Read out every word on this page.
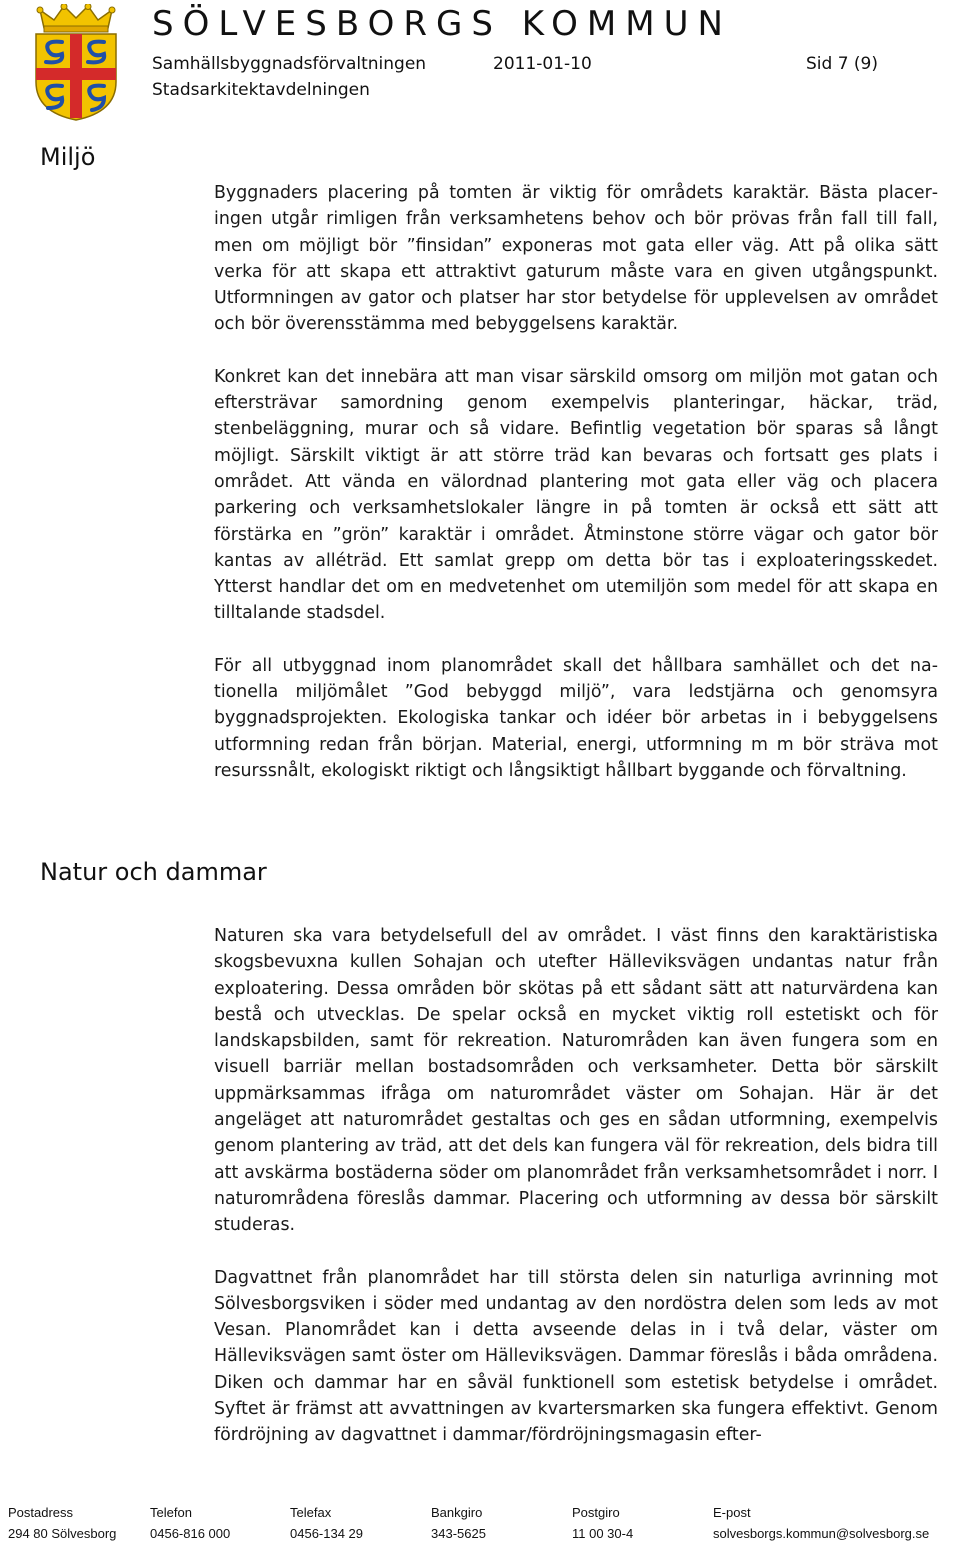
SÖLVESBORGS KOMMUN
Samhällsbyggnadsförvaltningen	2011-01-10	Sid 7 (9)
Stadsarkitektavdelningen
Miljö

Byggnaders placering på tomten är viktig för områdets karaktär. Bästa placeringen utgår rimligen från verksamhetens behov och bör prövas från fall till fall, men om möjligt bör ”finsidan” exponeras mot gata eller väg. Att på olika sätt verka för att skapa ett attraktivt gaturum måste vara en given utgångspunkt. Utformningen av gator och platser har stor betydelse för upplevelsen av området och bör överensstämma med bebyggelsens karaktär.

Konkret kan det innebära att man visar särskild omsorg om miljön mot gatan och eftersträvar samordning genom exempelvis planteringar, häckar, träd, stenbeläggning, murar och så vidare. Befintlig vegetation bör sparas så långt möjligt. Särskilt viktigt är att större träd kan bevaras och fortsatt ges plats i området. Att vända en välordnad plantering mot gata eller väg och placera parkering och verksamhetslokaler längre in på tomten är också ett sätt att förstärka en ”grön” karaktär i området. Åtminstone större vägar och gator bör kantas av alléträd. Ett samlat grepp om detta bör tas i exploateringsskedet. Ytterst handlar det om en medvetenhet om utemiljön som medel för att skapa en tilltalande stadsdel.

För all utbyggnad inom planområdet skall det hållbara samhället och det nationella miljömålet ”God bebyggd miljö”, vara ledstjärna och genomsyra byggnadsprojekten. Ekologiska tankar och idéer bör arbetas in i bebyggelsens utformning redan från början. Material, energi, utformning m m bör sträva mot resurssnålt, ekologiskt riktigt och långsiktigt hållbart byggande och förvaltning.

Natur och dammar

Naturen ska vara betydelsefull del av området. I väst finns den karaktäristiska skogsbevuxna kullen Sohajan och utefter Hälleviksvägen undantas natur från exploatering. Dessa områden bör skötas på ett sådant sätt att naturvärdena kan bestå och utvecklas. De spelar också en mycket viktig roll estetiskt och för landskapsbilden, samt för rekreation. Naturområden kan även fungera som en visuell barriär mellan bostadsområden och verksamheter. Detta bör särskilt uppmärksammas ifråga om naturområdet väster om Sohajan. Här är det angeläget att naturområdet gestaltas och ges en sådan utformning, exempelvis genom plantering av träd, att det dels kan fungera väl för rekreation, dels bidra till att avskärma bostäderna söder om planområdet från verksamhetsområdet i norr. I naturområdena föreslås dammar. Placering och utformning av dessa bör särskilt studeras.

Dagvattnet från planområdet har till största delen sin naturliga avrinning mot Sölvesborgsviken i söder med undantag av den nordöstra delen som leds av mot Vesan. Planområdet kan i detta avseende delas in i två delar, väster om Hälleviksvägen samt öster om Hälleviksvägen. Dammar föreslås i båda områdena. Diken och dammar har en såväl funktionell som estetisk betydelse i området. Syftet är främst att avvattningen av kvartersmarken ska fungera effektivt. Genom fördröjning av dagvattnet i dammar/fördröjningsmagasin efter-

Postadress
294 80 Sölvesborg
Telefon
0456-816 000
Telefax
0456-134 29
Bankgiro
343-5625
Postgiro
11 00 30-4
E-post
solvesborgs.kommun@solvesborg.se
